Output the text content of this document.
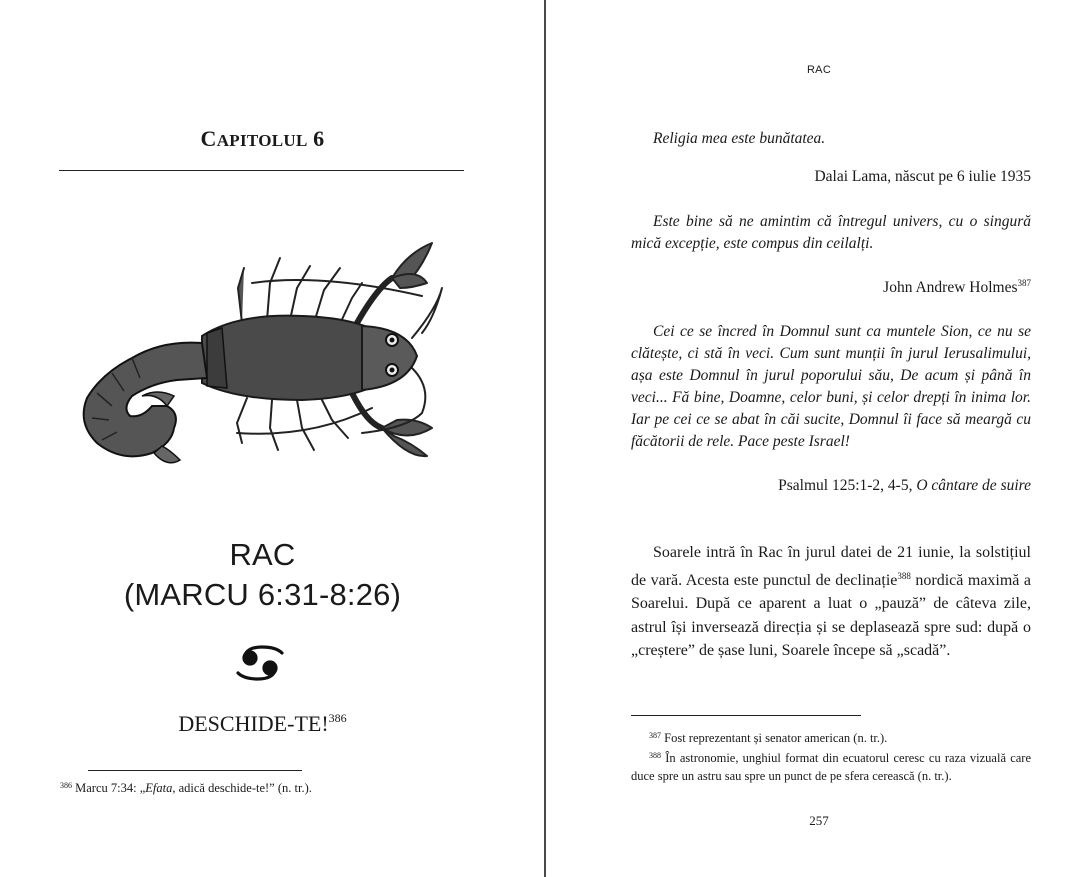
CAPITOLUL 6
RAC
(MARCU 6:31-8:26)
DESCHIDE-TE!$^{386}$
$^{386}$ Marcu 7:34: „Efata, adică deschide-te!” (n. tr.).
RAC

Religia mea este bunătatea.

Dalai Lama, născut pe 6 iulie 1935

Este bine să ne amintim că întregul univers, cu o singură mică excepție, este compus din ceilalți.

John Andrew Holmes$^{387}$

Cei ce se încred în Domnul sunt ca muntele Sion, ce nu se clătește, ci stă în veci. Cum sunt munții în jurul Ierusalimului, așa este Domnul în jurul poporului său, De acum și până în veci... Fă bine, Doamne, celor buni, și celor drepți în inima lor. Iar pe cei ce se abat în căi sucite, Domnul îi face să meargă cu făcătorii de rele. Pace peste Israel!

Psalmul 125:1-2, 4-5, O cântare de suire

Soarele intră în Rac în jurul datei de 21 iunie, la solstițiul de vară. Acesta este punctul de declinație$^{388}$ nordică maximă a Soarelui. După ce aparent a luat o „pauză” de câteva zile, astrul își inversează direcția și se deplasează spre sud: după o „creștere” de șase luni, Soarele începe să „scadă”.

$^{387}$ Fost reprezentant și senator american (n. tr.).

$^{388}$ În astronomie, unghiul format din ecuatorul ceresc cu raza vizuală care duce spre un astru sau spre un punct de pe sfera cerească (n. tr.).

257
